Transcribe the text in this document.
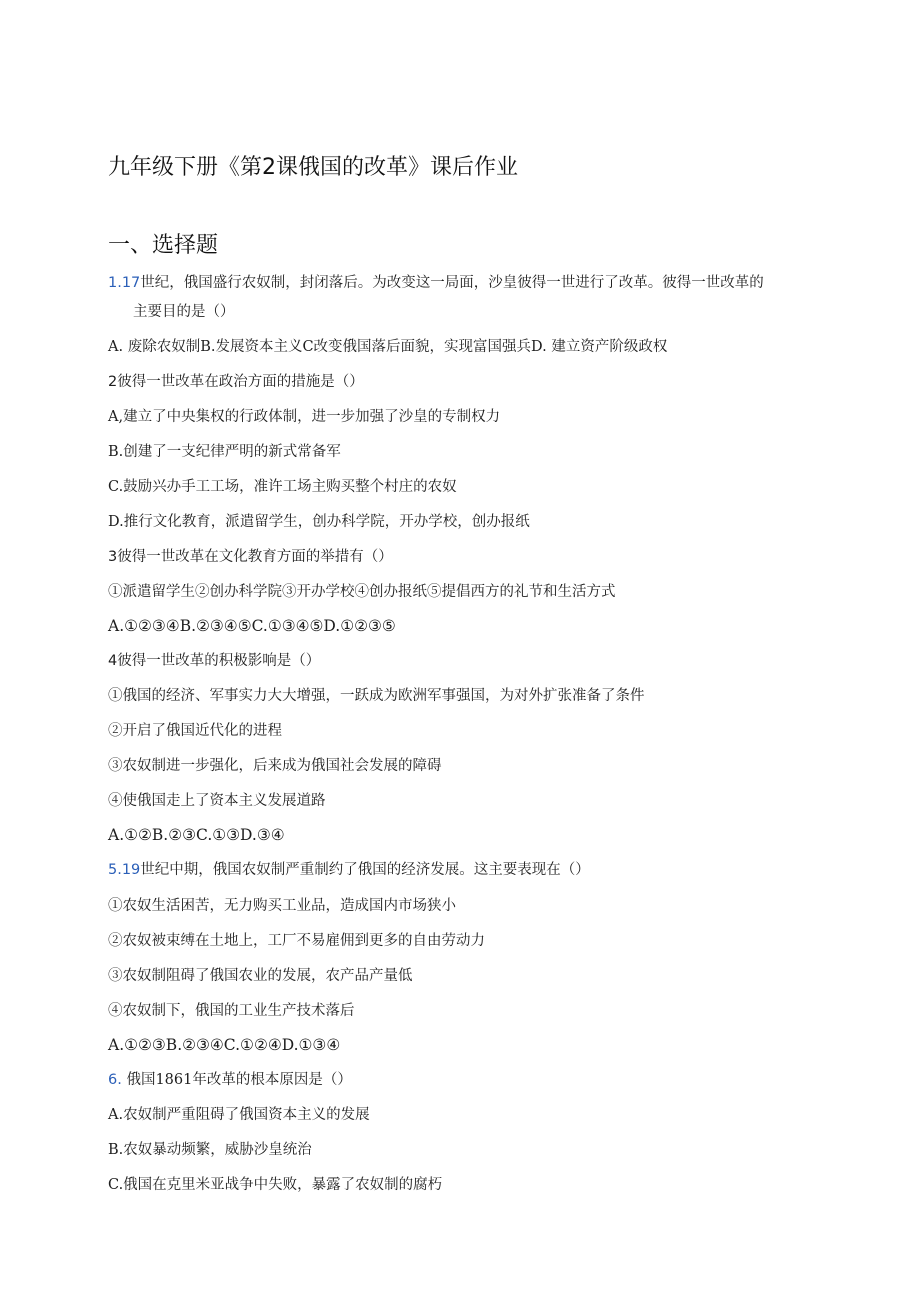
九年级下册《第2课俄国的改革》课后作业
一、选择题
1.17世纪，俄国盛行农奴制，封闭落后。为改变这一局面，沙皇彼得一世进行了改革。彼得一世改革的
主要目的是（）
A. 废除农奴制B.发展资本主义C改变俄国落后面貌，实现富国强兵D. 建立资产阶级政权
2彼得一世改革在政治方面的措施是（）
A,建立了中央集权的行政体制，进一步加强了沙皇的专制权力
B.创建了一支纪律严明的新式常备军
C.鼓励兴办手工工场，准许工场主购买整个村庄的农奴
D.推行文化教育，派遣留学生，创办科学院，开办学校，创办报纸
3彼得一世改革在文化教育方面的举措有（）
①派遣留学生②创办科学院③开办学校④创办报纸⑤提倡西方的礼节和生活方式
A.①②③④B.②③④⑤C.①③④⑤D.①②③⑤
4彼得一世改革的积极影响是（）
①俄国的经济、军事实力大大增强，一跃成为欧洲军事强国，为对外扩张准备了条件
②开启了俄国近代化的进程
③农奴制进一步强化，后来成为俄国社会发展的障碍
④使俄国走上了资本主义发展道路
A.①②B.②③C.①③D.③④
5.19世纪中期，俄国农奴制严重制约了俄国的经济发展。这主要表现在（）
①农奴生活困苦，无力购买工业品，造成国内市场狭小
②农奴被束缚在土地上，工厂不易雇佣到更多的自由劳动力
③农奴制阻碍了俄国农业的发展，农产品产量低
④农奴制下，俄国的工业生产技术落后
A.①②③B.②③④C.①②④D.①③④
6. 俄国1861年改革的根本原因是（）
A.农奴制严重阻碍了俄国资本主义的发展
B.农奴暴动频繁，威胁沙皇统治
C.俄国在克里米亚战争中失败，暴露了农奴制的腐朽
